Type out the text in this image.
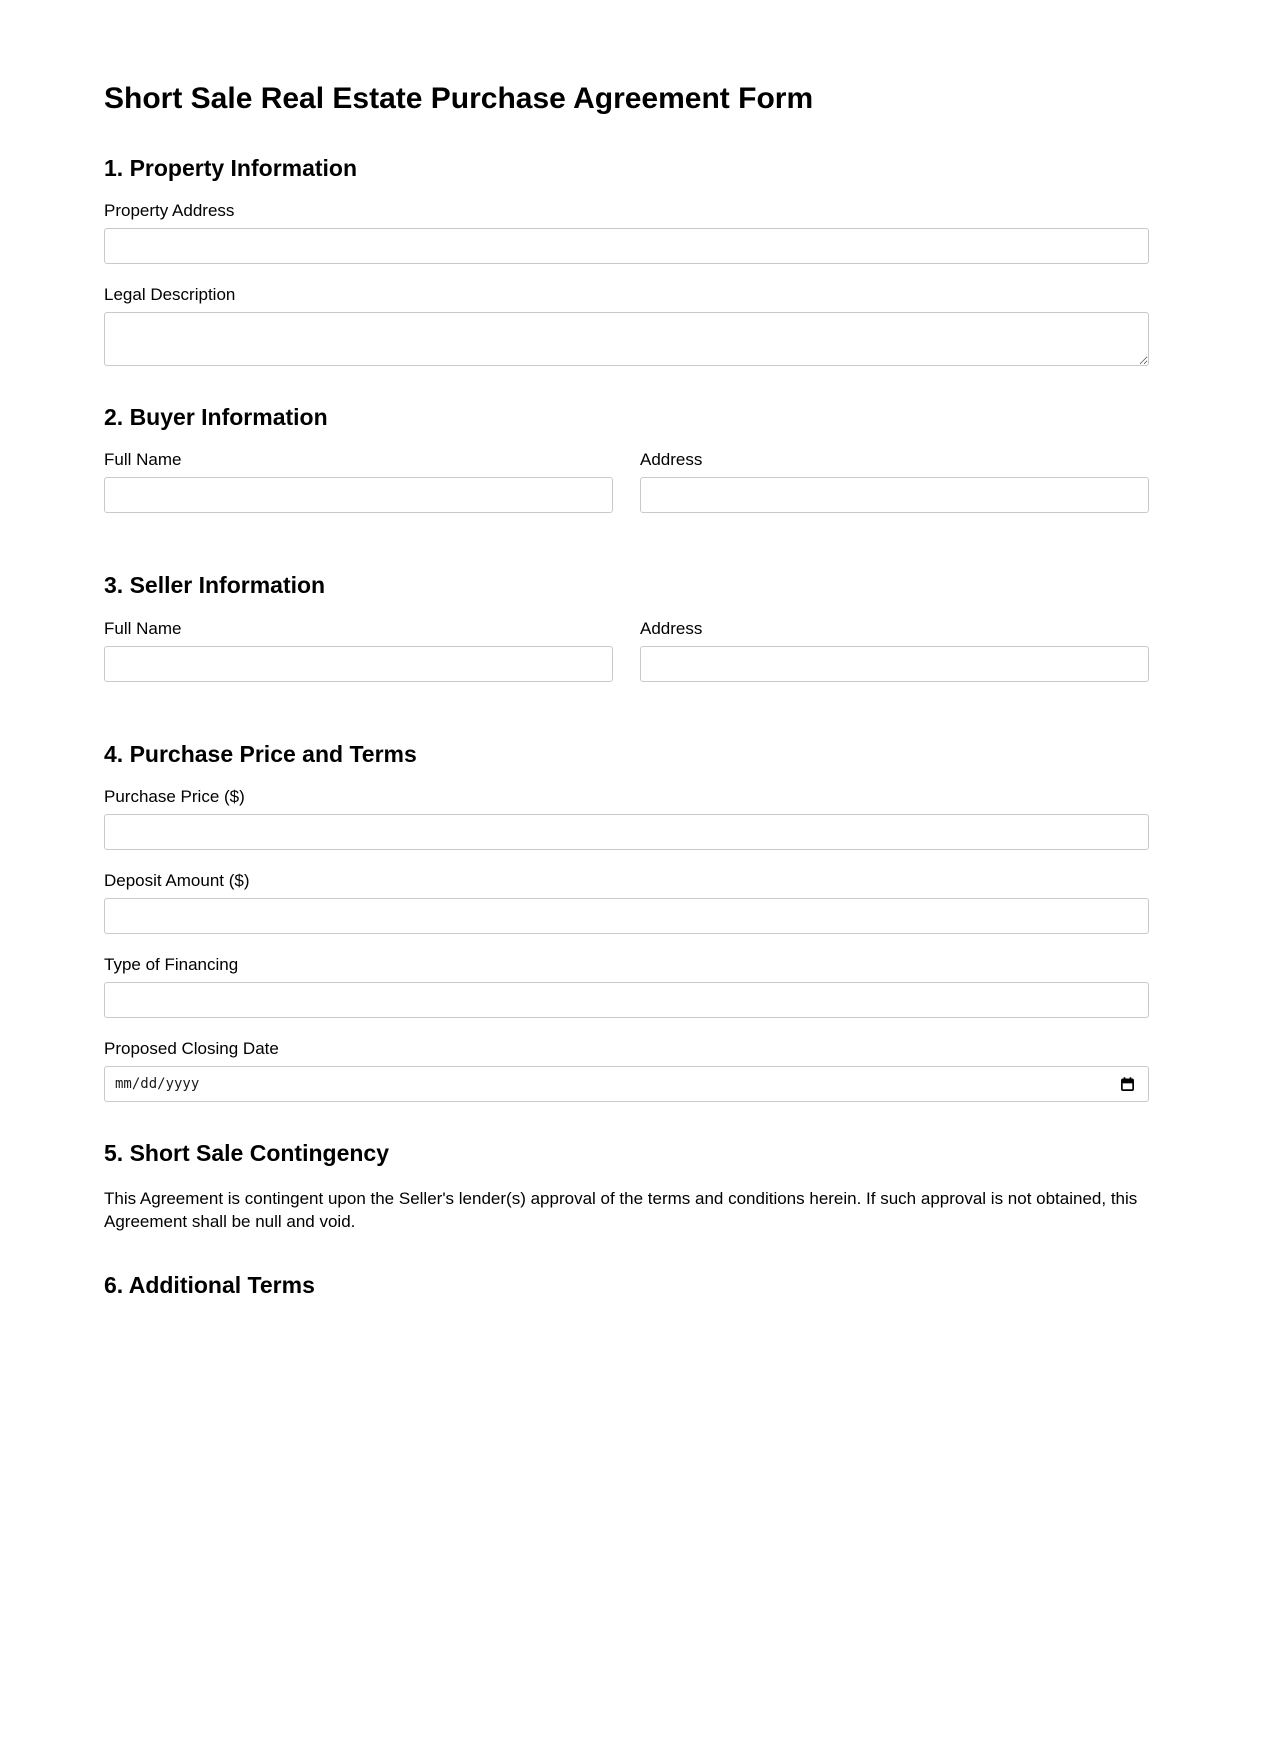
Short Sale Real Estate Purchase Agreement Form
1. Property Information
Property Address
Legal Description
2. Buyer Information
Full Name	Address
3. Seller Information
Full Name	Address
4. Purchase Price and Terms
Purchase Price ($)
Deposit Amount ($)
Type of Financing
Proposed Closing Date
mm/dd/yyyy
5. Short Sale Contingency

This Agreement is contingent upon the Seller's lender(s) approval of the terms and conditions herein. If such approval is not obtained, this Agreement shall be null and void.

6. Additional Terms
